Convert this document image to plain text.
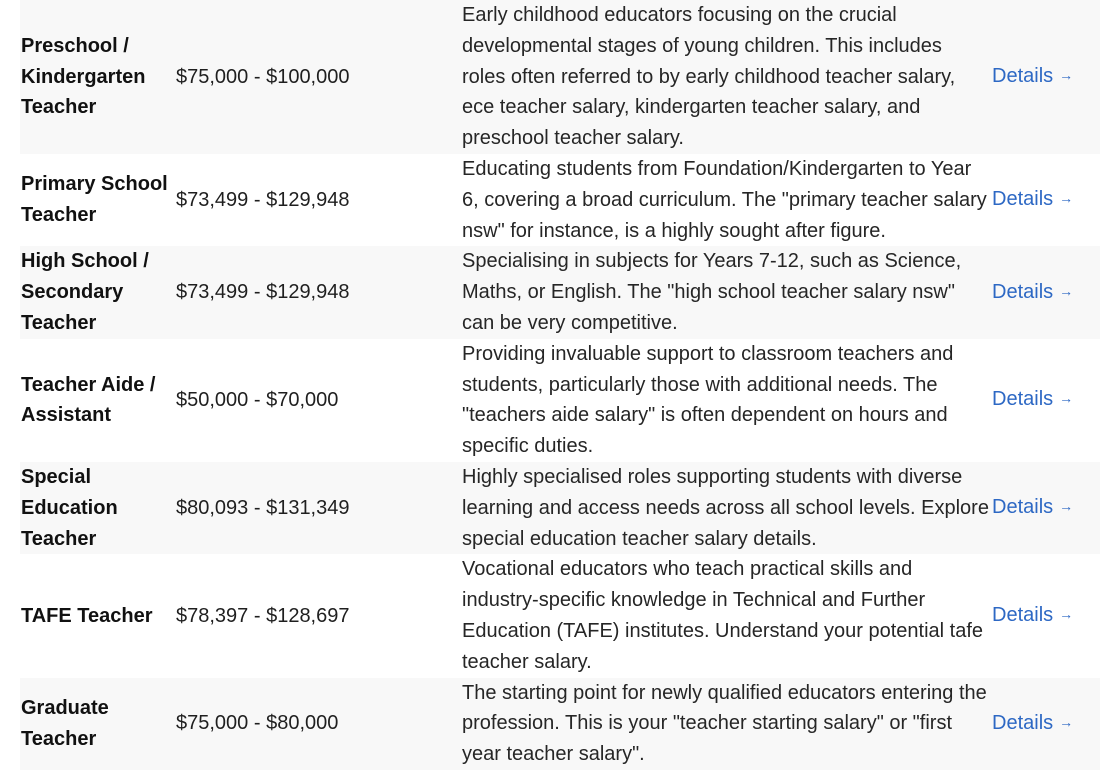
Preschool / Kindergarten Teacher	$75,000 - $100,000	Early childhood educators focusing on the crucial developmental stages of young children. This includes roles often referred to by early childhood teacher salary, ece teacher salary, kindergarten teacher salary, and preschool teacher salary.	Details →
Primary School Teacher	$73,499 - $129,948	Educating students from Foundation/Kindergarten to Year 6, covering a broad curriculum. The "primary teacher salary nsw" for instance, is a highly sought after figure.	Details →
High School / Secondary Teacher	$73,499 - $129,948	Specialising in subjects for Years 7-12, such as Science, Maths, or English. The "high school teacher salary nsw" can be very competitive.	Details →
Teacher Aide / Assistant	$50,000 - $70,000	Providing invaluable support to classroom teachers and students, particularly those with additional needs. The "teachers aide salary" is often dependent on hours and specific duties.	Details →
Special Education Teacher	$80,093 - $131,349	Highly specialised roles supporting students with diverse learning and access needs across all school levels. Explore special education teacher salary details.	Details →
TAFE Teacher	$78,397 - $128,697	Vocational educators who teach practical skills and industry-specific knowledge in Technical and Further Education (TAFE) institutes. Understand your potential tafe teacher salary.	Details →
Graduate Teacher	$75,000 - $80,000	The starting point for newly qualified educators entering the profession. This is your "teacher starting salary" or "first year teacher salary".	Details →
